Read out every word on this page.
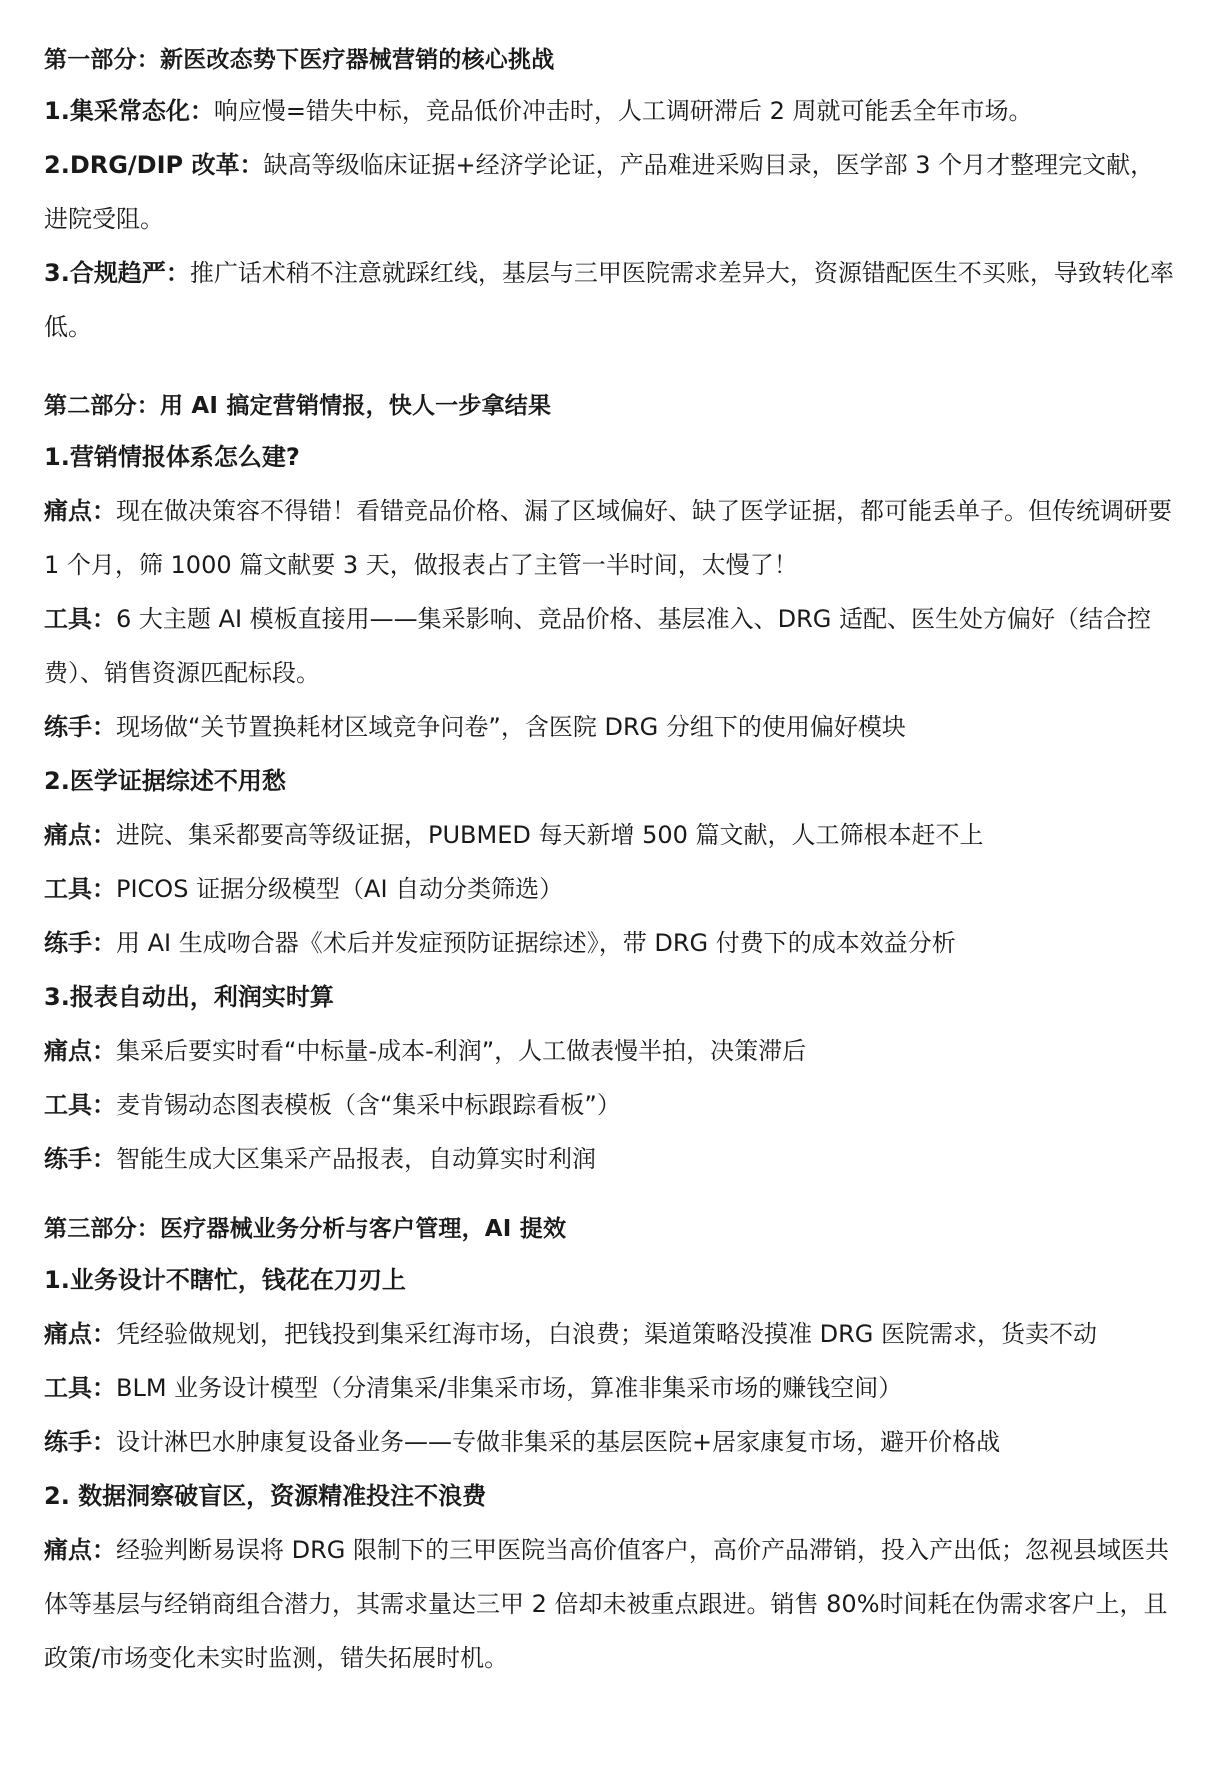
第一部分：新医改态势下医疗器械营销的核心挑战
1.集采常态化：响应慢=错失中标，竞品低价冲击时，人工调研滞后 2 周就可能丢全年市场。
2.DRG/DIP 改革：缺高等级临床证据+经济学论证，产品难进采购目录，医学部 3 个月才整理完文献，进院受阻。
3.合规趋严：推广话术稍不注意就踩红线，基层与三甲医院需求差异大，资源错配医生不买账，导致转化率低。
第二部分：用 AI 搞定营销情报，快人一步拿结果
1.营销情报体系怎么建?
痛点：现在做决策容不得错！看错竞品价格、漏了区域偏好、缺了医学证据，都可能丢单子。但传统调研要 1 个月，筛 1000 篇文献要 3 天，做报表占了主管一半时间，太慢了！
工具：6 大主题 AI 模板直接用——集采影响、竞品价格、基层准入、DRG 适配、医生处方偏好（结合控费）、销售资源匹配标段。
练手：现场做“关节置换耗材区域竞争问卷”，含医院 DRG 分组下的使用偏好模块
2.医学证据综述不用愁
痛点：进院、集采都要高等级证据，PUBMED 每天新增 500 篇文献，人工筛根本赶不上
工具：PICOS 证据分级模型（AI 自动分类筛选）
练手：用 AI 生成吻合器《术后并发症预防证据综述》，带 DRG 付费下的成本效益分析
3.报表自动出，利润实时算
痛点：集采后要实时看“中标量-成本-利润”，人工做表慢半拍，决策滞后
工具：麦肯锡动态图表模板（含“集采中标跟踪看板”）
练手：智能生成大区集采产品报表，自动算实时利润
第三部分：医疗器械业务分析与客户管理，AI 提效
1.业务设计不瞎忙，钱花在刀刃上
痛点：凭经验做规划，把钱投到集采红海市场，白浪费；渠道策略没摸准 DRG 医院需求，货卖不动
工具：BLM 业务设计模型（分清集采/非集采市场，算准非集采市场的赚钱空间）
练手：设计淋巴水肿康复设备业务——专做非集采的基层医院+居家康复市场，避开价格战
2. 数据洞察破盲区，资源精准投注不浪费
痛点：经验判断易误将 DRG 限制下的三甲医院当高价值客户，高价产品滞销，投入产出低；忽视县域医共体等基层与经销商组合潜力，其需求量达三甲 2 倍却未被重点跟进。销售 80%时间耗在伪需求客户上，且政策/市场变化未实时监测，错失拓展时机。
